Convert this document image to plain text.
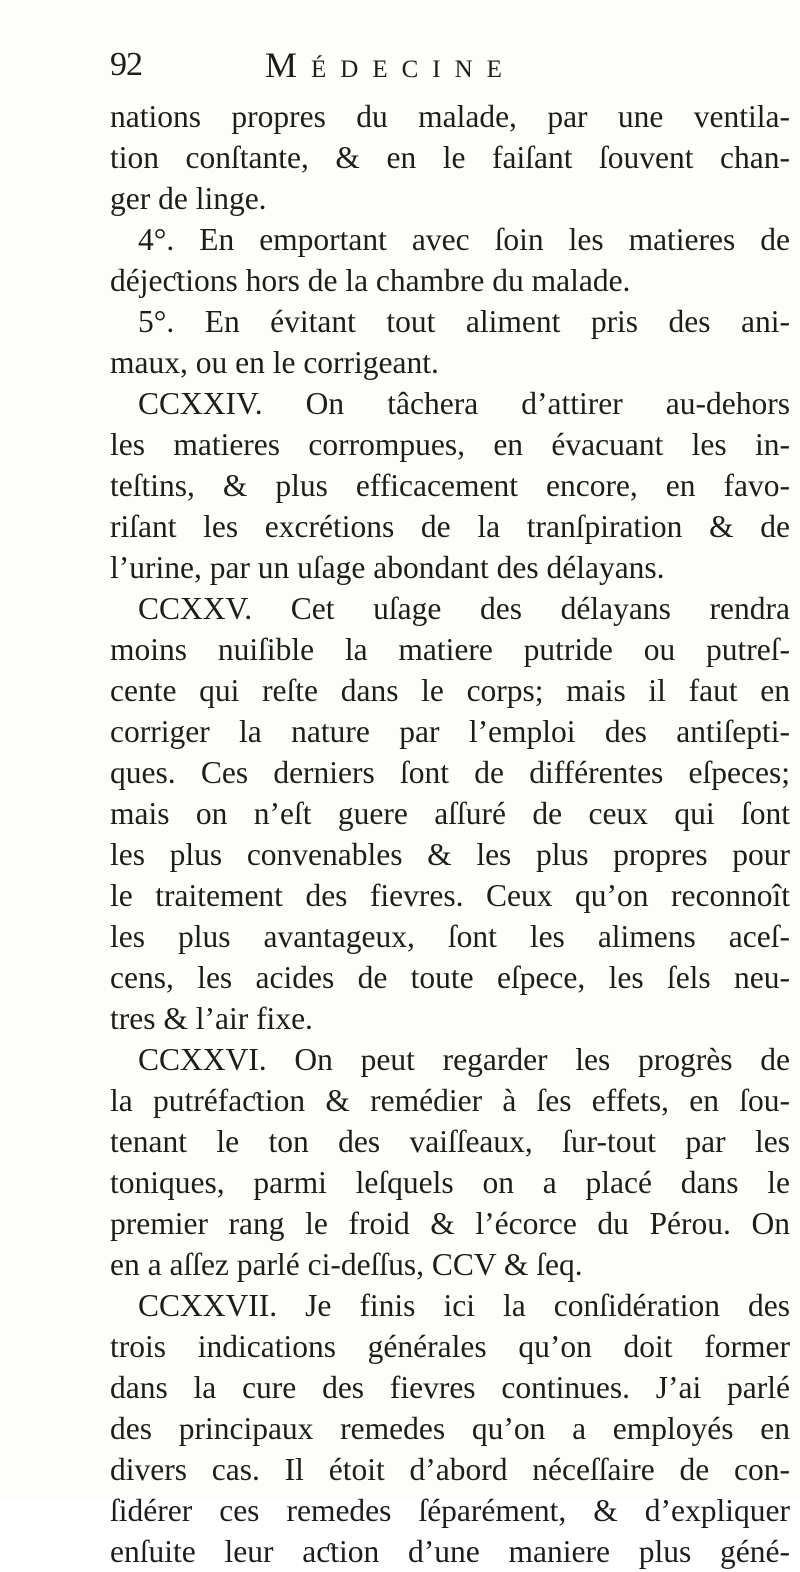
92	Médecine
nations propres du malade, par une ventila-
tion conſtante, & en le faiſant ſouvent chan-
ger de linge.
4°. En emportant avec ſoin les matieres de
déjeƈtions hors de la chambre du malade.
5°. En évitant tout aliment pris des ani-
maux, ou en le corrigeant.
CCXXIV. On tâchera d’attirer au-dehors
les matieres corrompues, en évacuant les in-
teſtins, & plus efficacement encore, en favo-
riſant les excrétions de la tranſpiration & de
l’urine, par un uſage abondant des délayans.
CCXXV. Cet uſage des délayans rendra
moins nuiſible la matiere putride ou putreſ-
cente qui reſte dans le corps; mais il faut en
corriger la nature par l’emploi des antiſepti-
ques. Ces derniers ſont de différentes eſpeces;
mais on n’eſt guere aſſuré de ceux qui ſont
les plus convenables & les plus propres pour
le traitement des fievres. Ceux qu’on reconnoît
les plus avantageux, ſont les alimens aceſ-
cens, les acides de toute eſpece, les ſels neu-
tres & l’air fixe.
CCXXVI. On peut regarder les progrès de
la putréfaƈtion & remédier à ſes effets, en ſou-
tenant le ton des vaiſſeaux, ſur-tout par les
toniques, parmi leſquels on a placé dans le
premier rang le froid & l’écorce du Pérou. On
en a aſſez parlé ci-deſſus, CCV & ſeq.
CCXXVII. Je finis ici la conſidération des
trois indications générales qu’on doit former
dans la cure des fievres continues. J’ai parlé
des principaux remedes qu’on a employés en
divers cas. Il étoit d’abord néceſſaire de con-
ſidérer ces remedes ſéparément, & d’expliquer
enſuite leur aƈtion d’une maniere plus géné-
